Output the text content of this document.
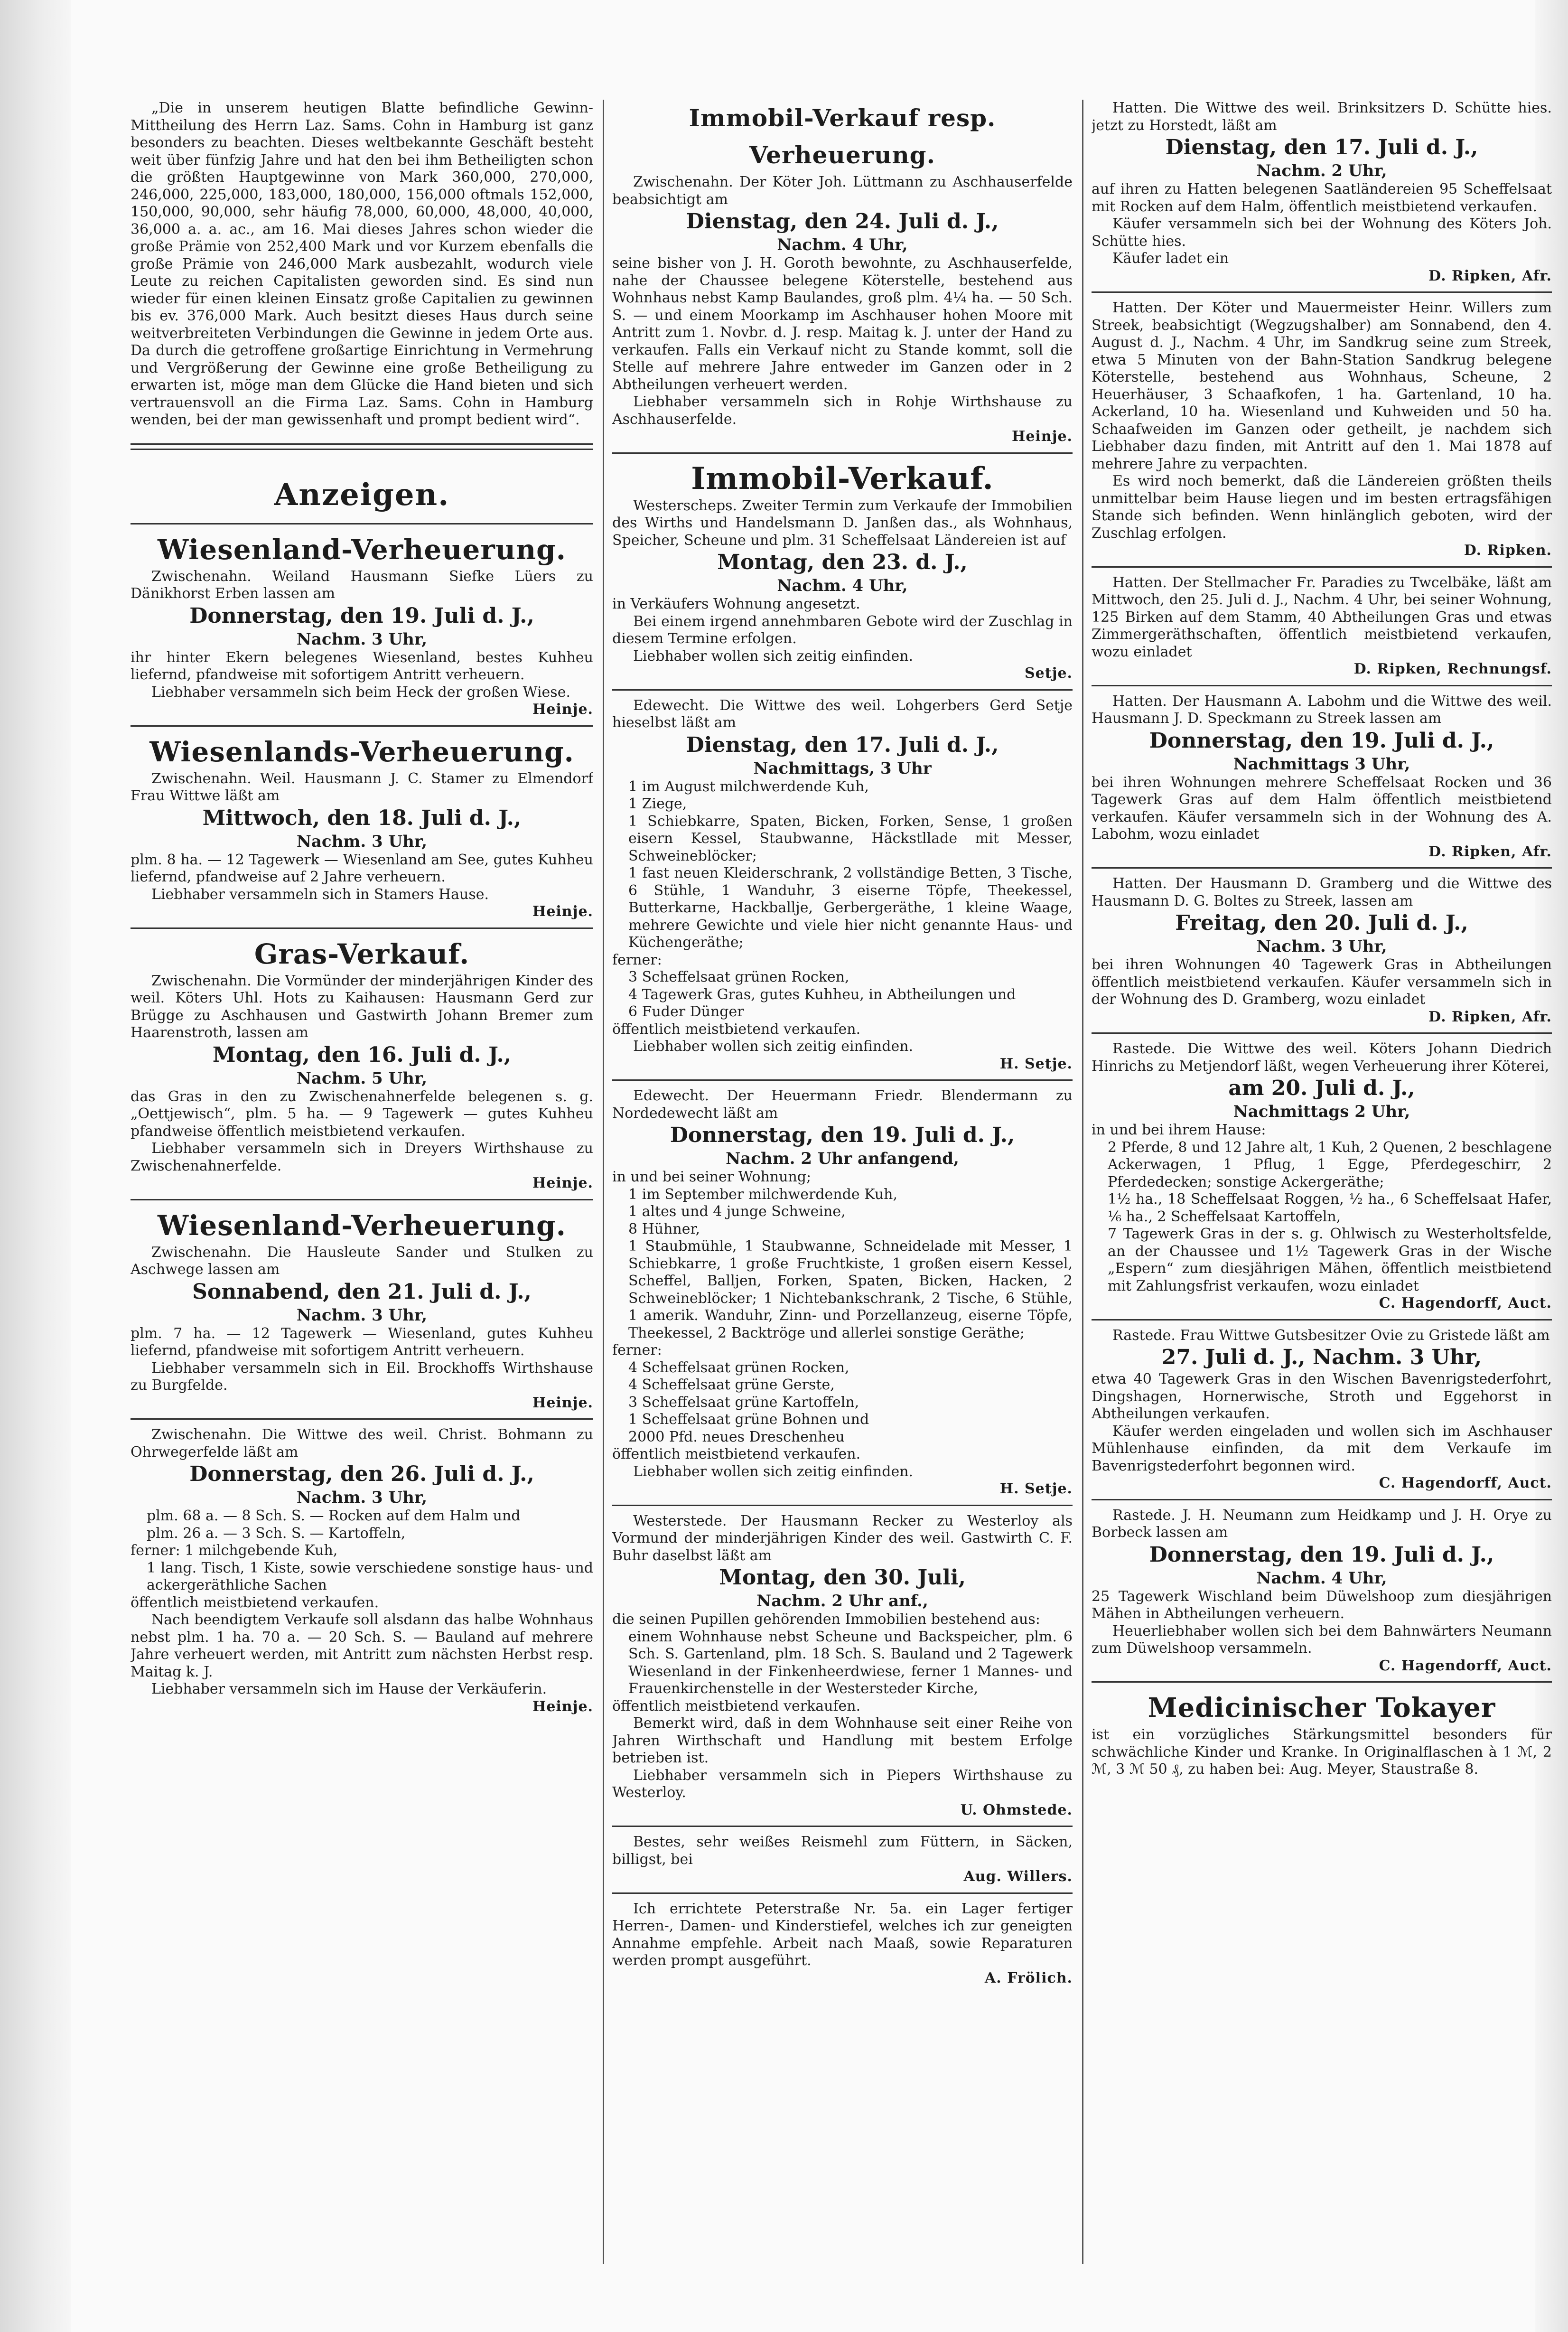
„Die in unserem heutigen Blatte befindliche Gewinn-Mittheilung des Herrn Laz. Sams. Cohn in Hamburg ist ganz besonders zu beachten. Dieses weltbekannte Geschäft besteht weit über fünfzig Jahre und hat den bei ihm Betheiligten schon die größten Hauptgewinne von Mark 360,000, 270,000, 246,000, 225,000, 183,000, 180,000, 156,000 oftmals 152,000, 150,000, 90,000, sehr häufig 78,000, 60,000, 48,000, 40,000, 36,000 a. a. ac., am 16. Mai dieses Jahres schon wieder die große Prämie von 252,400 Mark und vor Kurzem ebenfalls die große Prämie von 246,000 Mark ausbezahlt, wodurch viele Leute zu reichen Capitalisten geworden sind. Es sind nun wieder für einen kleinen Einsatz große Capitalien zu gewinnen bis ev. 376,000 Mark. Auch besitzt dieses Haus durch seine weitverbreiteten Verbindungen die Gewinne in jedem Orte aus. Da durch die getroffene großartige Einrichtung in Vermehrung und Vergrößerung der Gewinne eine große Betheiligung zu erwarten ist, möge man dem Glücke die Hand bieten und sich vertrauensvoll an die Firma Laz. Sams. Cohn in Hamburg wenden, bei der man gewissenhaft und prompt bedient wird“.

Anzeigen.
Wiesenland-Verheuerung.

Zwischenahn. Weiland Hausmann Siefke Lüers zu Dänikhorst Erben lassen am

Donnerstag, den 19. Juli d. J.,
Nachm. 3 Uhr,

ihr hinter Ekern belegenes Wiesenland, bestes Kuhheu liefernd, pfandweise mit sofortigem Antritt verheuern.

Liebhaber versammeln sich beim Heck der großen Wiese.

Heinje.
Wiesenlands-Verheuerung.

Zwischenahn. Weil. Hausmann J. C. Stamer zu Elmendorf Frau Wittwe läßt am

Mittwoch, den 18. Juli d. J.,
Nachm. 3 Uhr,

plm. 8 ha. — 12 Tagewerk — Wiesenland am See, gutes Kuhheu liefernd, pfandweise auf 2 Jahre verheuern.

Liebhaber versammeln sich in Stamers Hause.

Heinje.
Gras-Verkauf.

Zwischenahn. Die Vormünder der minderjährigen Kinder des weil. Köters Uhl. Hots zu Kaihausen: Hausmann Gerd zur Brügge zu Aschhausen und Gastwirth Johann Bremer zum Haarenstroth, lassen am

Montag, den 16. Juli d. J.,
Nachm. 5 Uhr,

das Gras in den zu Zwischenahnerfelde belegenen s. g. „Oettjewisch“, plm. 5 ha. — 9 Tagewerk — gutes Kuhheu pfandweise öffentlich meistbietend verkaufen.

Liebhaber versammeln sich in Dreyers Wirthshause zu Zwischenahnerfelde.

Heinje.
Wiesenland-Verheuerung.

Zwischenahn. Die Hausleute Sander und Stulken zu Aschwege lassen am

Sonnabend, den 21. Juli d. J.,
Nachm. 3 Uhr,

plm. 7 ha. — 12 Tagewerk — Wiesenland, gutes Kuhheu liefernd, pfandweise mit sofortigem Antritt verheuern.

Liebhaber versammeln sich in Eil. Brockhoffs Wirthshause zu Burgfelde.

Heinje.

Zwischenahn. Die Wittwe des weil. Christ. Bohmann zu Ohrwegerfelde läßt am

Donnerstag, den 26. Juli d. J.,
Nachm. 3 Uhr,

plm. 68 a. — 8 Sch. S. — Rocken auf dem Halm und

plm. 26 a. — 3 Sch. S. — Kartoffeln,

ferner: 1 milchgebende Kuh,

1 lang. Tisch, 1 Kiste, sowie verschiedene sonstige haus- und ackergeräthliche Sachen

öffentlich meistbietend verkaufen.

Nach beendigtem Verkaufe soll alsdann das halbe Wohnhaus nebst plm. 1 ha. 70 a. — 20 Sch. S. — Bauland auf mehrere Jahre verheuert werden, mit Antritt zum nächsten Herbst resp. Maitag k. J.

Liebhaber versammeln sich im Hause der Verkäuferin.

Heinje.
Immobil-Verkauf resp. Verheuerung.

Zwischenahn. Der Köter Joh. Lüttmann zu Aschhauserfelde beabsichtigt am

Dienstag, den 24. Juli d. J.,
Nachm. 4 Uhr,

seine bisher von J. H. Goroth bewohnte, zu Aschhauserfelde, nahe der Chaussee belegene Köterstelle, bestehend aus Wohnhaus nebst Kamp Baulandes, groß plm. 4¼ ha. — 50 Sch. S. — und einem Moorkamp im Aschhauser hohen Moore mit Antritt zum 1. Novbr. d. J. resp. Maitag k. J. unter der Hand zu verkaufen. Falls ein Verkauf nicht zu Stande kommt, soll die Stelle auf mehrere Jahre entweder im Ganzen oder in 2 Abtheilungen verheuert werden.

Liebhaber versammeln sich in Rohje Wirthshause zu Aschhauserfelde.

Heinje.
Immobil-Verkauf.

Westerscheps. Zweiter Termin zum Verkaufe der Immobilien des Wirths und Handelsmann D. Janßen das., als Wohnhaus, Speicher, Scheune und plm. 31 Scheffelsaat Ländereien ist auf

Montag, den 23. d. J.,
Nachm. 4 Uhr,

in Verkäufers Wohnung angesetzt.

Bei einem irgend annehmbaren Gebote wird der Zuschlag in diesem Termine erfolgen.

Liebhaber wollen sich zeitig einfinden.

Setje.

Edewecht. Die Wittwe des weil. Lohgerbers Gerd Setje hieselbst läßt am

Dienstag, den 17. Juli d. J.,
Nachmittags, 3 Uhr

1 im August milchwerdende Kuh,

1 Ziege,

1 Schiebkarre, Spaten, Bicken, Forken, Sense, 1 großen eisern Kessel, Staubwanne, Häckstllade mit Messer, Schweineblöcker;

1 fast neuen Kleiderschrank, 2 vollständige Betten, 3 Tische, 6 Stühle, 1 Wanduhr, 3 eiserne Töpfe, Theekessel, Butterkarne, Hackballje, Gerbergeräthe, 1 kleine Waage, mehrere Gewichte und viele hier nicht genannte Haus- und Küchengeräthe;

ferner:

3 Scheffelsaat grünen Rocken,

4 Tagewerk Gras, gutes Kuhheu, in Abtheilungen und

6 Fuder Dünger

öffentlich meistbietend verkaufen.

Liebhaber wollen sich zeitig einfinden.

H. Setje.

Edewecht. Der Heuermann Friedr. Blendermann zu Nordedewecht läßt am

Donnerstag, den 19. Juli d. J.,
Nachm. 2 Uhr anfangend,

in und bei seiner Wohnung;

1 im September milchwerdende Kuh,

1 altes und 4 junge Schweine,

8 Hühner,

1 Staubmühle, 1 Staubwanne, Schneidelade mit Messer, 1 Schiebkarre, 1 große Fruchtkiste, 1 großen eisern Kessel, Scheffel, Balljen, Forken, Spaten, Bicken, Hacken, 2 Schweineblöcker; 1 Nichtebankschrank, 2 Tische, 6 Stühle, 1 amerik. Wanduhr, Zinn- und Porzellanzeug, eiserne Töpfe, Theekessel, 2 Backtröge und allerlei sonstige Geräthe;

ferner:

4 Scheffelsaat grünen Rocken,

4 Scheffelsaat grüne Gerste,

3 Scheffelsaat grüne Kartoffeln,

1 Scheffelsaat grüne Bohnen und

2000 Pfd. neues Dreschenheu

öffentlich meistbietend verkaufen.

Liebhaber wollen sich zeitig einfinden.

H. Setje.

Westerstede. Der Hausmann Recker zu Westerloy als Vormund der minderjährigen Kinder des weil. Gastwirth C. F. Buhr daselbst läßt am

Montag, den 30. Juli,
Nachm. 2 Uhr anf.,

die seinen Pupillen gehörenden Immobilien bestehend aus:

einem Wohnhause nebst Scheune und Backspeicher, plm. 6 Sch. S. Gartenland, plm. 18 Sch. S. Bauland und 2 Tagewerk Wiesenland in der Finkenheerdwiese, ferner 1 Mannes- und Frauenkirchenstelle in der Westersteder Kirche,

öffentlich meistbietend verkaufen.

Bemerkt wird, daß in dem Wohnhause seit einer Reihe von Jahren Wirthschaft und Handlung mit bestem Erfolge betrieben ist.

Liebhaber versammeln sich in Piepers Wirthshause zu Westerloy.

U. Ohmstede.

Bestes, sehr weißes Reismehl zum Füttern, in Säcken, billigst, bei

Aug. Willers.

Ich errichtete Peterstraße Nr. 5a. ein Lager fertiger Herren-, Damen- und Kinderstiefel, welches ich zur geneigten Annahme empfehle. Arbeit nach Maaß, sowie Reparaturen werden prompt ausgeführt.

A. Frölich.

Hatten. Die Wittwe des weil. Brinksitzers D. Schütte hies. jetzt zu Horstedt, läßt am

Dienstag, den 17. Juli d. J.,
Nachm. 2 Uhr,

auf ihren zu Hatten belegenen Saatländereien 95 Scheffelsaat mit Rocken auf dem Halm, öffentlich meistbietend verkaufen.

Käufer versammeln sich bei der Wohnung des Köters Joh. Schütte hies.

Käufer ladet ein

D. Ripken, Afr.

Hatten. Der Köter und Mauermeister Heinr. Willers zum Streek, beabsichtigt (Wegzugshalber) am Sonnabend, den 4. August d. J., Nachm. 4 Uhr, im Sandkrug seine zum Streek, etwa 5 Minuten von der Bahn-Station Sandkrug belegene Köterstelle, bestehend aus Wohnhaus, Scheune, 2 Heuerhäuser, 3 Schaafkofen, 1 ha. Gartenland, 10 ha. Ackerland, 10 ha. Wiesenland und Kuhweiden und 50 ha. Schaafweiden im Ganzen oder getheilt, je nachdem sich Liebhaber dazu finden, mit Antritt auf den 1. Mai 1878 auf mehrere Jahre zu verpachten.

Es wird noch bemerkt, daß die Ländereien größten theils unmittelbar beim Hause liegen und im besten ertragsfähigen Stande sich befinden. Wenn hinlänglich geboten, wird der Zuschlag erfolgen.

D. Ripken.

Hatten. Der Stellmacher Fr. Paradies zu Twcelbäke, läßt am Mittwoch, den 25. Juli d. J., Nachm. 4 Uhr, bei seiner Wohnung, 125 Birken auf dem Stamm, 40 Abtheilungen Gras und etwas Zimmergeräthschaften, öffentlich meistbietend verkaufen, wozu einladet

D. Ripken, Rechnungsf.

Hatten. Der Hausmann A. Labohm und die Wittwe des weil. Hausmann J. D. Speckmann zu Streek lassen am

Donnerstag, den 19. Juli d. J.,
Nachmittags 3 Uhr,

bei ihren Wohnungen mehrere Scheffelsaat Rocken und 36 Tagewerk Gras auf dem Halm öffentlich meistbietend verkaufen. Käufer versammeln sich in der Wohnung des A. Labohm, wozu einladet

D. Ripken, Afr.

Hatten. Der Hausmann D. Gramberg und die Wittwe des Hausmann D. G. Boltes zu Streek, lassen am

Freitag, den 20. Juli d. J.,
Nachm. 3 Uhr,

bei ihren Wohnungen 40 Tagewerk Gras in Abtheilungen öffentlich meistbietend verkaufen. Käufer versammeln sich in der Wohnung des D. Gramberg, wozu einladet

D. Ripken, Afr.

Rastede. Die Wittwe des weil. Köters Johann Diedrich Hinrichs zu Metjendorf läßt, wegen Verheuerung ihrer Köterei,

am 20. Juli d. J.,
Nachmittags 2 Uhr,

in und bei ihrem Hause:

2 Pferde, 8 und 12 Jahre alt, 1 Kuh, 2 Quenen, 2 beschlagene Ackerwagen, 1 Pflug, 1 Egge, Pferdegeschirr, 2 Pferdedecken; sonstige Ackergeräthe;

1½ ha., 18 Scheffelsaat Roggen, ½ ha., 6 Scheffelsaat Hafer, ⅙ ha., 2 Scheffelsaat Kartoffeln,

7 Tagewerk Gras in der s. g. Ohlwisch zu Westerholtsfelde, an der Chaussee und 1½ Tagewerk Gras in der Wische „Espern“ zum diesjährigen Mähen, öffentlich meistbietend mit Zahlungsfrist verkaufen, wozu einladet

C. Hagendorff, Auct.

Rastede. Frau Wittwe Gutsbesitzer Ovie zu Gristede läßt am

27. Juli d. J., Nachm. 3 Uhr,

etwa 40 Tagewerk Gras in den Wischen Bavenrigstederfohrt, Dingshagen, Hornerwische, Stroth und Eggehorst in Abtheilungen verkaufen.

Käufer werden eingeladen und wollen sich im Aschhauser Mühlenhause einfinden, da mit dem Verkaufe im Bavenrigstederfohrt begonnen wird.

C. Hagendorff, Auct.

Rastede. J. H. Neumann zum Heidkamp und J. H. Orye zu Borbeck lassen am

Donnerstag, den 19. Juli d. J.,
Nachm. 4 Uhr,

25 Tagewerk Wischland beim Düwelshoop zum diesjährigen Mähen in Abtheilungen verheuern.

Heuerliebhaber wollen sich bei dem Bahnwärters Neumann zum Düwelshoop versammeln.

C. Hagendorff, Auct.
Medicinischer Tokayer

ist ein vorzügliches Stärkungsmittel besonders für schwächliche Kinder und Kranke. In Originalflaschen à 1 ℳ, 2 ℳ, 3 ℳ 50 ₰, zu haben bei: Aug. Meyer, Staustraße 8.
